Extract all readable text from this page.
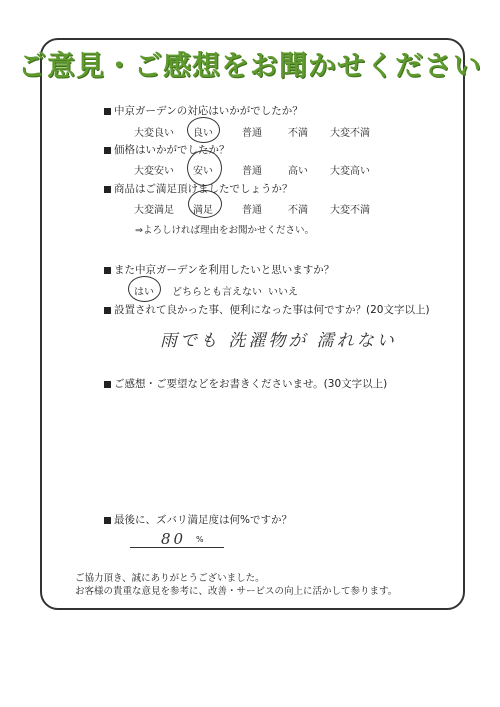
ご意見・ご感想をお聞かせください
中京ガーデンの対応はいかがでしたか？
大変良い 良い	普通	不満 大変不満
価格はいかがでしたか？
大変安い 安い	普通	高い 大変高い
商品はご満足頂けましたでしょうか？
大変満足 満足	普通	不満 大変不満
⇒よろしければ理由をお聞かせください。
また中京ガーデンを利用したいと思いますか？
はい どちらとも言えない いいえ
設置されて良かった事、便利になった事は何ですか？(20文字以上)
雨でも 洗濯物が 濡れない
ご感想・ご要望などをお書きくださいませ。(30文字以上)
最後に、ズバリ満足度は何%ですか？
80 %
ご協力頂き、誠にありがとうございました。
お客様の貴重な意見を参考に、改善・サービスの向上に活かして参ります。
